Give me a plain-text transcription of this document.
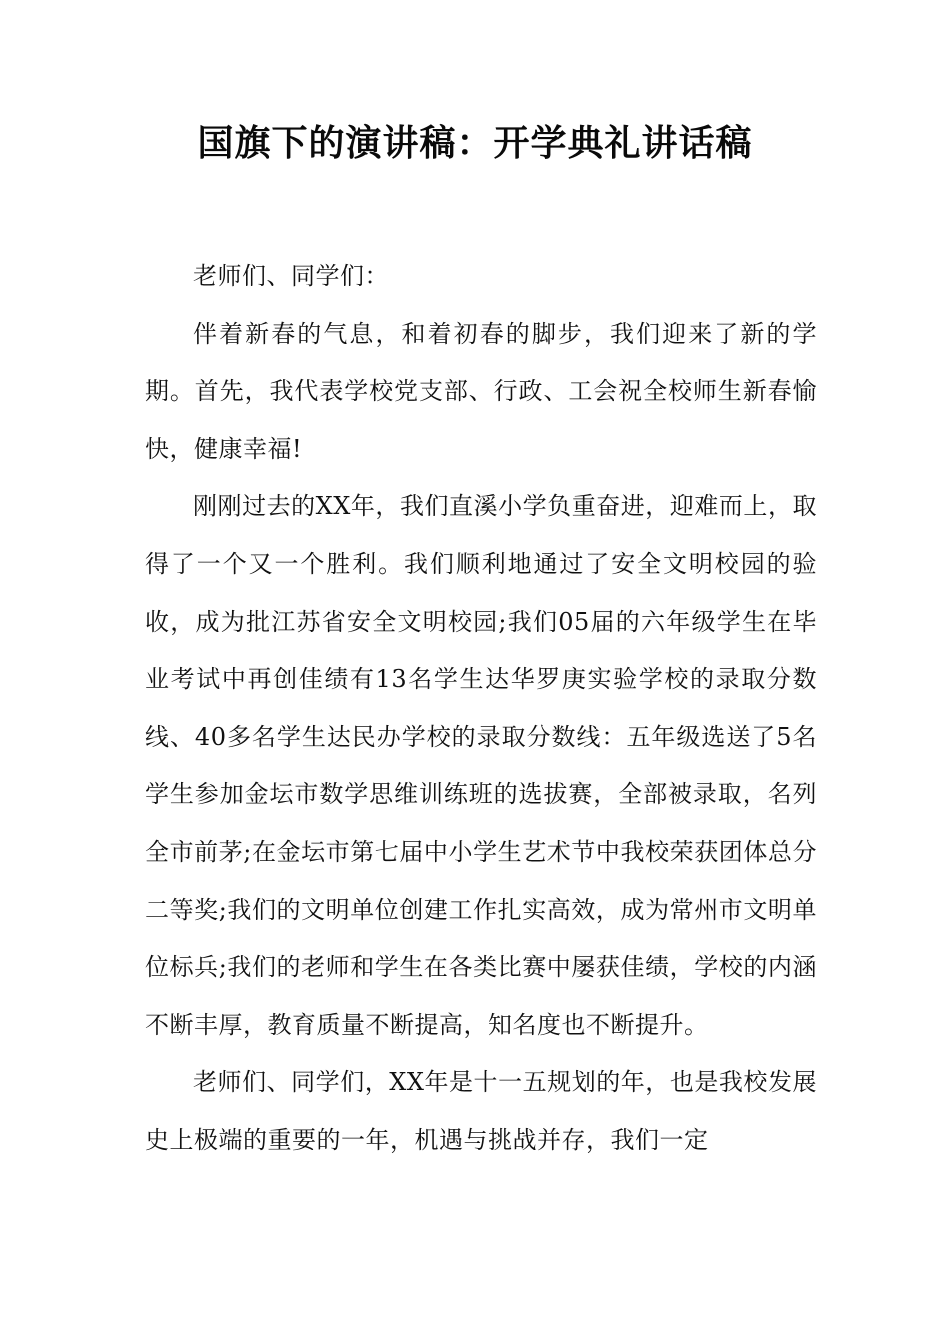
国旗下的演讲稿：开学典礼讲话稿

老师们、同学们：

伴着新春的气息，和着初春的脚步，我们迎来了新的学期。首先，我代表学校党支部、行政、工会祝全校师生新春愉快，健康幸福!

刚刚过去的XX年，我们直溪小学负重奋进，迎难而上，取得了一个又一个胜利。我们顺利地通过了安全文明校园的验收，成为批江苏省安全文明校园;我们05届的六年级学生在毕业考试中再创佳绩有13名学生达华罗庚实验学校的录取分数线、40多名学生达民办学校的录取分数线：五年级选送了5名学生参加金坛市数学思维训练班的选拔赛，全部被录取，名列全市前茅;在金坛市第七届中小学生艺术节中我校荣获团体总分二等奖;我们的文明单位创建工作扎实高效，成为常州市文明单位标兵;我们的老师和学生在各类比赛中屡获佳绩，学校的内涵不断丰厚，教育质量不断提高，知名度也不断提升。

老师们、同学们，XX年是十一五规划的年，也是我校发展史上极端的重要的一年，机遇与挑战并存，我们一定
